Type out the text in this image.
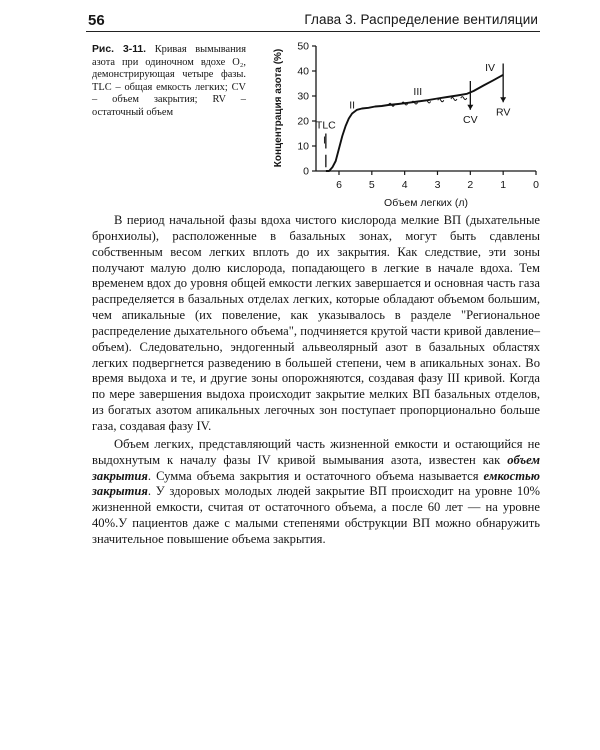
56	Глава 3. Распределение вентиляции
Рис. 3-11. Кривая вымывания азота при одиночном вдохе O₂, демонстрирующая четыре фазы. TLC – общая емкость легких; CV – объем закрытия; RV – остаточный объем
0
10
20
30
40
50
6	5	4	3	2	1	0
Концентрация азота (%)
Объем легких (л)
I
II
III
IV
TLC	CV
RV

В период начальной фазы вдоха чистого кислорода мелкие ВП (дыхательные бронхиолы), расположенные в базальных зонах, могут быть сдавлены собственным весом легких вплоть до их закрытия. Как следствие, эти зоны получают малую долю кислорода, попадающего в легкие в начале вдоха. Тем временем вдох до уровня общей емкости легких завершается и основная часть газа распределяется в базальных отделах легких, которые обладают объемом большим, чем апикальные (их повеление, как указывалось в разделе "Региональное распределение дыхательного объема", подчиняется крутой части кривой давление–объем). Следовательно, эндогенный альвеолярный азот в базальных областях легких подвергнется разведению в большей степени, чем в апикальных зонах. Во время выдоха и те, и другие зоны опорожняются, создавая фазу III кривой. Когда по мере завершения выдоха происходит закрытие мелких ВП базальных отделов, из богатых азотом апикальных легочных зон поступает пропорционально больше газа, создавая фазу IV.

Объем легких, представляющий часть жизненной емкости и остающийся не выдохнутым к началу фазы IV кривой вымывания азота, известен как объем закрытия. Сумма объема закрытия и остаточного объема называется емкостью закрытия. У здоровых молодых людей закрытие ВП происходит на уровне 10% жизненной емкости, считая от остаточного объема, а после 60 лет — на уровне 40%.У пациентов даже с малыми степенями обструкции ВП можно обнаружить значительное повышение объема закрытия.
